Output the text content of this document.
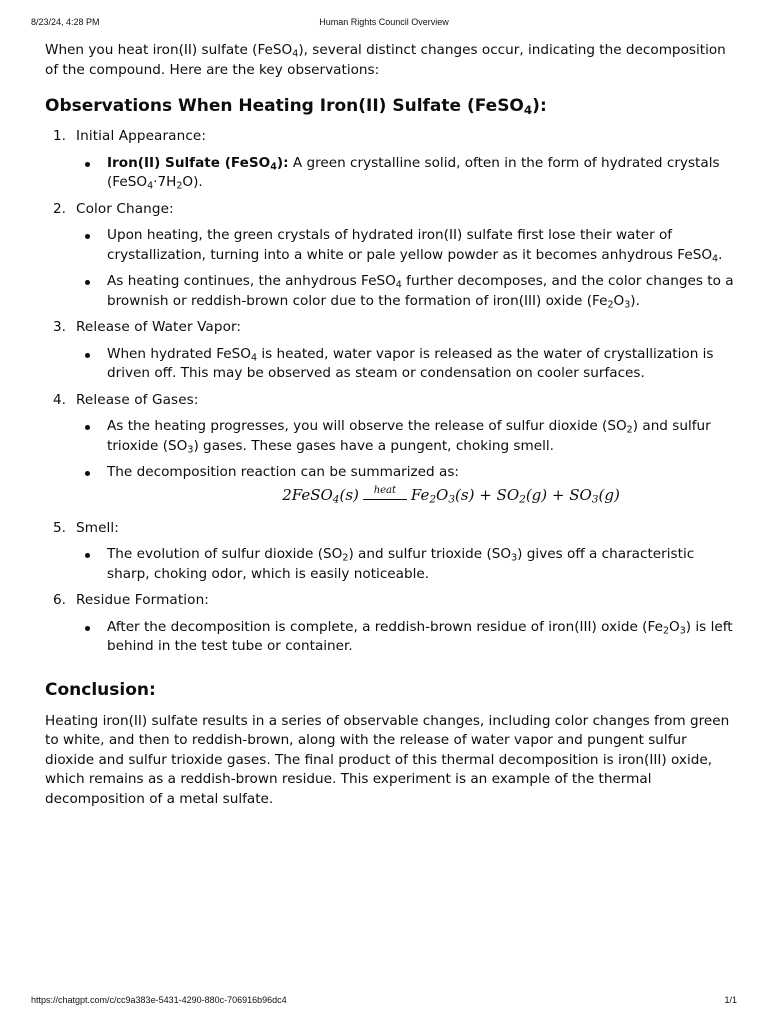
8/23/24, 4:28 PM	Human Rights Council Overview

When you heat iron(II) sulfate (FeSO$_4$), several distinct changes occur, indicating the decomposition of the compound. Here are the key observations:

Observations When Heating Iron(II) Sulfate (FeSO$_4$):
1. Initial Appearance:
Iron(II) Sulfate (FeSO$_4$): A green crystalline solid, often in the form of hydrated crystals $(FeSO_4\cdot 7H_2O)$.
2. Color Change:
Upon heating, the green crystals of hydrated iron(II) sulfate first lose their water of crystallization, turning into a white or pale yellow powder as it becomes anhydrous FeSO$_4$.
As heating continues, the anhydrous FeSO$_4$ further decomposes, and the color changes to a brownish or reddish-brown color due to the formation of iron(III) oxide $(Fe_2O_3)$.
3. Release of Water Vapor:
When hydrated FeSO$_4$ is heated, water vapor is released as the water of crystallization is driven off. This may be observed as steam or condensation on cooler surfaces.
4. Release of Gases:
As the heating progresses, you will observe the release of sulfur dioxide $(SO_2)$ and sulfur trioxide $(SO_3)$ gases. These gases have a pungent, choking smell.
The decomposition reaction can be summarized as:
2FeSO$_4$(s)	heat $Fe_2O_3(s) + SO_2(g) + SO_3(g)$
5. Smell:
The evolution of sulfur dioxide $(SO_2)$ and sulfur trioxide $(SO_3)$ gives off a characteristic sharp, choking odor, which is easily noticeable.
6. Residue Formation:
After the decomposition is complete, a reddish-brown residue of iron(III) oxide $(Fe_2O_3)$ is left behind in the test tube or container.
Conclusion:

Heating iron(II) sulfate results in a series of observable changes, including color changes from green to white, and then to reddish-brown, along with the release of water vapor and pungent sulfur dioxide and sulfur trioxide gases. The final product of this thermal decomposition is iron(III) oxide, which remains as a reddish-brown residue. This experiment is an example of the thermal decomposition of a metal sulfate.

https://chatgpt.com/c/cc9a383e-5431-4290-880c-706916b96dc4	1/1
